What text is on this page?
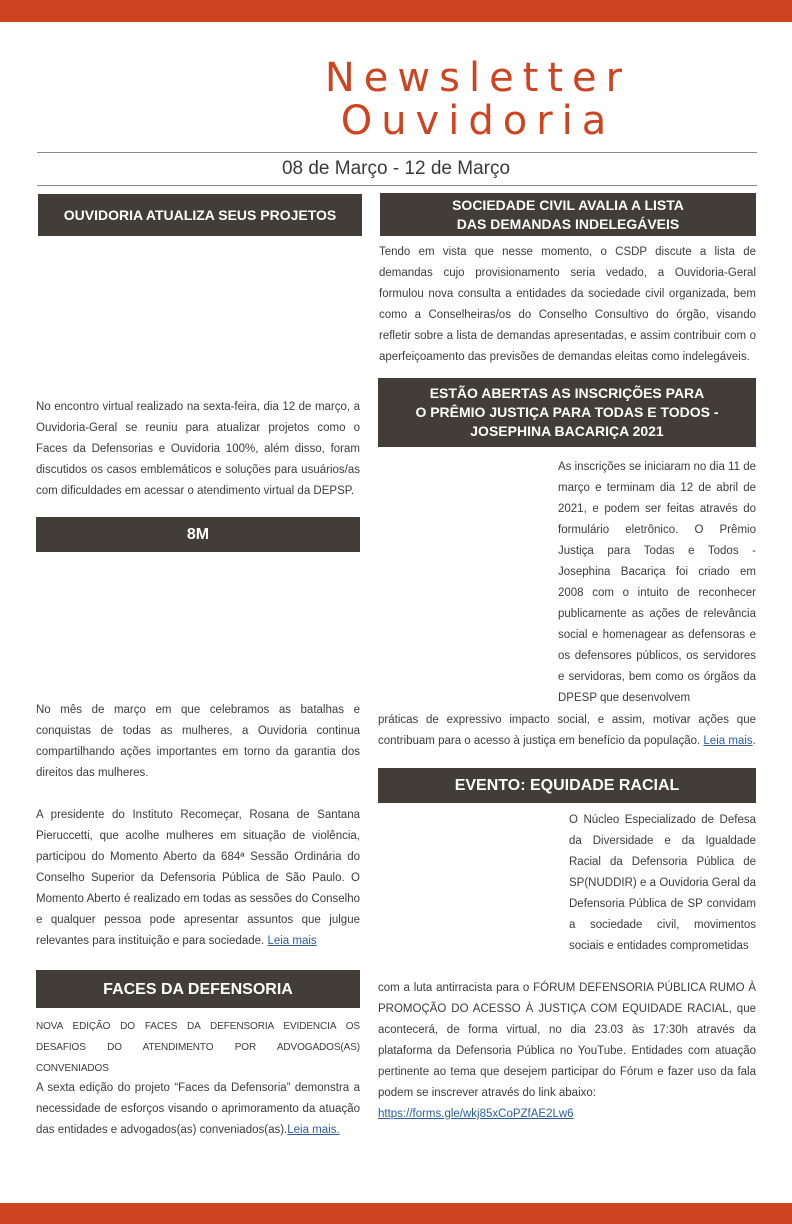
Newsletter
Ouvidoria
08 de Março - 12 de Março
OUVIDORIA ATUALIZA SEUS PROJETOS

No encontro virtual realizado na sexta-feira, dia 12 de março, a Ouvidoria-Geral se reuniu para atualizar projetos como o Faces da Defensorias e Ouvidoria 100%, além disso, foram discutidos os casos emblemáticos e soluções para usuários/as com dificuldades em acessar o atendimento virtual da DEPSP.

8M

No mês de março em que celebramos as batalhas e conquistas de todas as mulheres, a Ouvidoria continua compartilhando ações importantes em torno da garantia dos direitos das mulheres.

A presidente do Instituto Recomeçar, Rosana de Santana Pieruccetti, que acolhe mulheres em situação de violência, participou do Momento Aberto da 684ª Sessão Ordinária do Conselho Superior da Defensoria Pública de São Paulo. O Momento Aberto é realizado em todas as sessões do Conselho e qualquer pessoa pode apresentar assuntos que julgue relevantes para instituição e para sociedade. Leia mais

FACES DA DEFENSORIA

NOVA EDIÇÃO DO FACES DA DEFENSORIA EVIDENCIA OS DESAFIOS DO ATENDIMENTO POR ADVOGADOS(AS) CONVENIADOS

A sexta edição do projeto “Faces da Defensoria” demonstra a necessidade de esforços visando o aprimoramento da atuação das entidades e advogados(as) conveniados(as).Leia mais.

SOCIEDADE CIVIL AVALIA A LISTA
DAS DEMANDAS INDELEGÁVEIS

Tendo em vista que nesse momento, o CSDP discute a lista de demandas cujo provisionamento seria vedado, a Ouvidoria-Geral formulou nova consulta a entidades da sociedade civil organizada, bem como a Conselheiras/os do Conselho Consultivo do órgão, visando refletir sobre a lista de demandas apresentadas, e assim contribuir com o aperfeiçoamento das previsões de demandas eleitas como indelegáveis.

ESTÃO ABERTAS AS INSCRIÇÕES PARA
O PRÊMIO JUSTIÇA PARA TODAS E TODOS -
JOSEPHINA BACARIÇA 2021

As inscrições se iniciaram no dia 11 de março e terminam dia 12 de abril de 2021, e podem ser feitas através do formulário eletrônico. O Prêmio Justiça para Todas e Todos - Josephina Bacariça foi criado em 2008 com o intuito de reconhecer publicamente as ações de relevância social e homenagear as defensoras e os defensores públicos, os servidores e servidoras, bem como os órgãos da DPESP que desenvolvem

práticas de expressivo impacto social, e assim, motivar ações que contribuam para o acesso à justiça em benefício da população. Leia mais.

EVENTO: EQUIDADE RACIAL

O Núcleo Especializado de Defesa da Diversidade e da Igualdade Racial da Defensoria Pública de SP(NUDDIR) e a Ouvidoria Geral da Defensoria Pública de SP convidam a sociedade civil, movimentos sociais e entidades comprometidas

com a luta antirracista para o FÓRUM DEFENSORIA PÚBLICA RUMO À PROMOÇÃO DO ACESSO À JUSTIÇA COM EQUIDADE RACIAL, que acontecerá, de forma virtual, no dia 23.03 às 17:30h através da plataforma da Defensoria Pública no YouTube. Entidades com atuação pertinente ao tema que desejem participar do Fórum e fazer uso da fala podem se inscrever através do link abaixo:

https://forms.gle/wkj85xCoPZfAE2Lw6
